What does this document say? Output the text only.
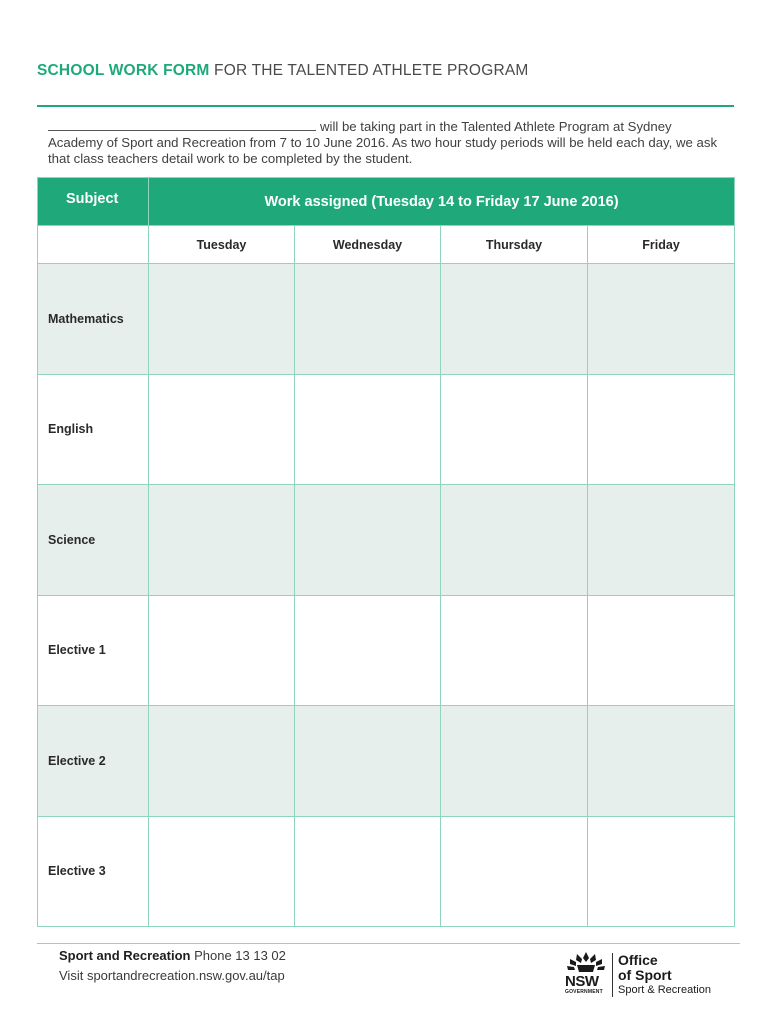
SCHOOL WORK FORM FOR THE TALENTED ATHLETE PROGRAM
will be taking part in the Talented Athlete Program at Sydney Academy of Sport and Recreation from 7 to 10 June 2016. As two hour study periods will be held each day, we ask that class teachers detail work to be completed by the student.
Subject	Work assigned (Tuesday 14 to Friday 17 June 2016)			
	Tuesday	Wednesday	Thursday	Friday
Mathematics				
English				
Science				
Elective 1				
Elective 2				
Elective 3				
Sport and Recreation Phone 13 13 02
Visit sportandrecreation.nsw.gov.au/tap	NSW
GOVERNMENT
Office
of Sport
Sport & Recreation
